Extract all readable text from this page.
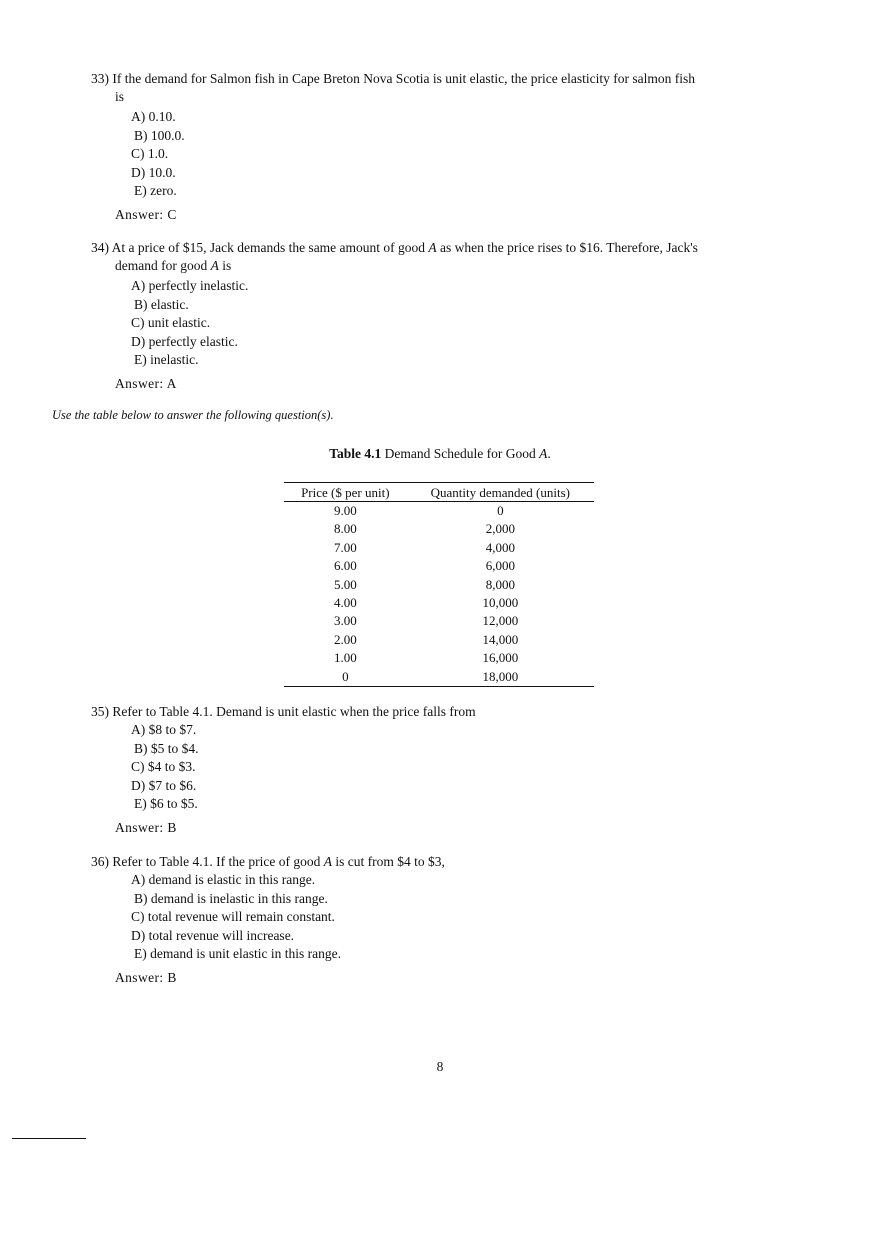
33) If the demand for Salmon fish in Cape Breton Nova Scotia is unit elastic, the price elasticity for salmon fish
is

A) 0.10.
B) 100.0.
C) 1.0.
D) 10.0.
E) zero.
Answer: C

34) At a price of $15, Jack demands the same amount of good A as when the price rises to $16. Therefore, Jack's
demand for good A is

A) perfectly inelastic.
B) elastic.
C) unit elastic.
D) perfectly elastic.
E) inelastic.
Answer: A
Use the table below to answer the following question(s).
Table 4.1 Demand Schedule for Good A.
Price ($ per unit)	Quantity demanded (units)
9.00	0
8.00	2,000
7.00	4,000
6.00	6,000
5.00	8,000
4.00	10,000
3.00	12,000
2.00	14,000
1.00	16,000
0	18,000

35) Refer to Table 4.1. Demand is unit elastic when the price falls from

A) $8 to $7.
B) $5 to $4.
C) $4 to $3.
D) $7 to $6.
E) $6 to $5.
Answer: B

36) Refer to Table 4.1. If the price of good A is cut from $4 to $3,

A) demand is elastic in this range.
B) demand is inelastic in this range.
C) total revenue will remain constant.
D) total revenue will increase.
E) demand is unit elastic in this range.
Answer: B
8
